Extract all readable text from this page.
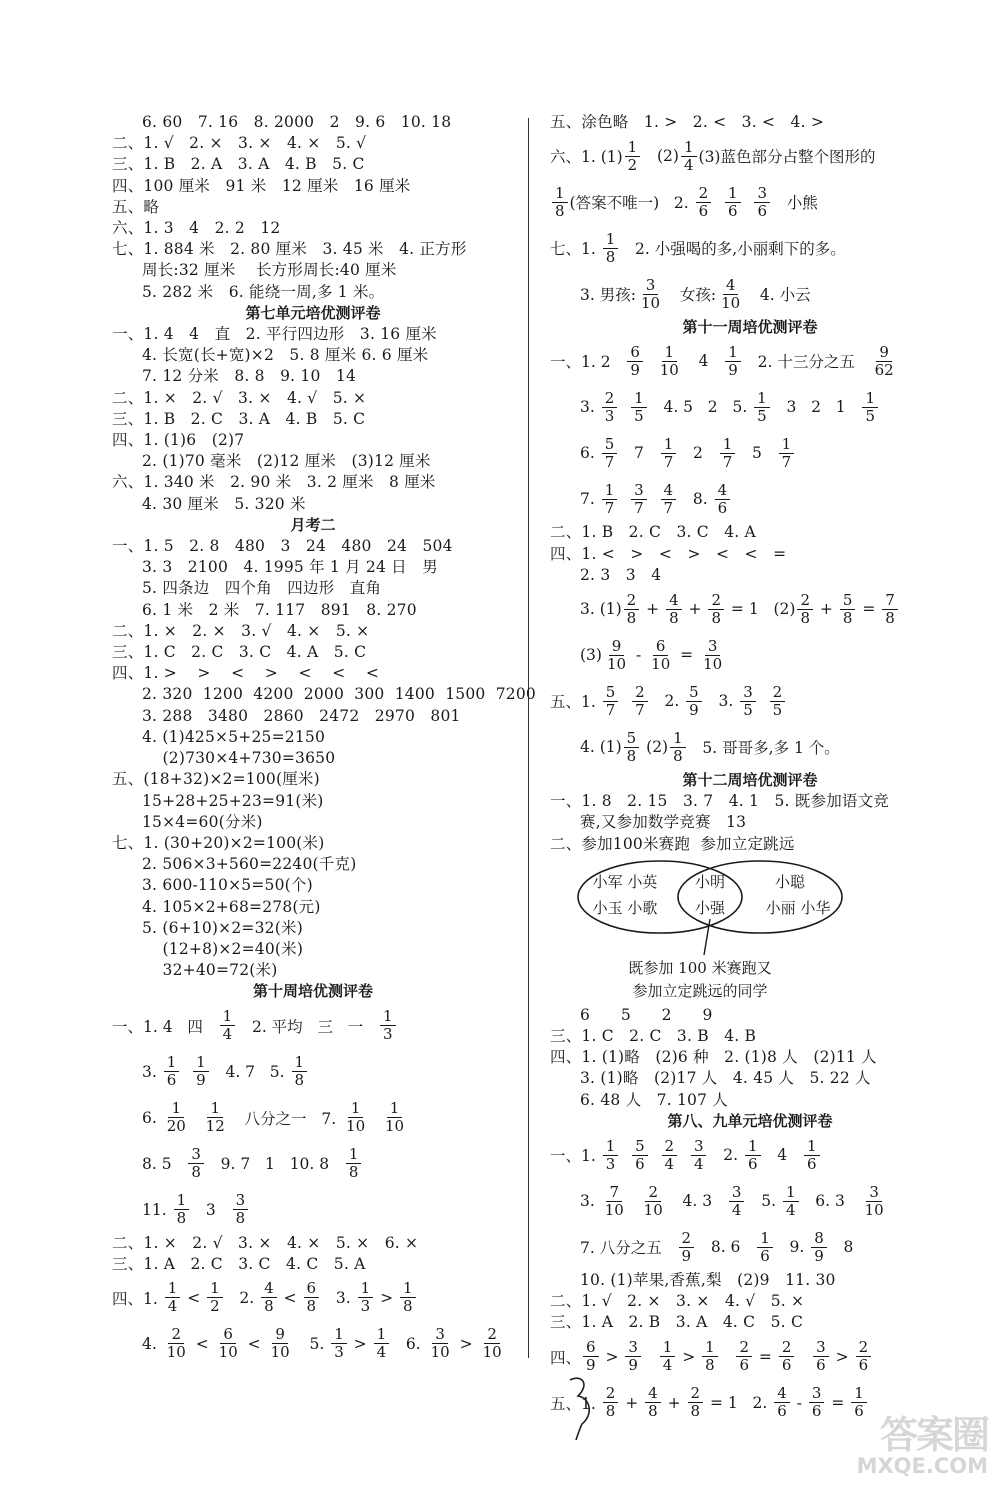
6. 60   7. 16   8. 2000   2   9. 6   10. 18
二、1. √   2. ×   3. ×   4. ×   5. √
三、1. B   2. A   3. A   4. B   5. C
四、100 厘米   91 米   12 厘米   16 厘米
五、略
六、1. 3   4   2. 2   12
七、1. 884 米   2. 80 厘米   3. 45 米   4. 正方形
周长:32 厘米    长方形周长:40 厘米
5. 282 米   6. 能绕一周,多 1 米。
第七单元培优测评卷
一、1. 4   4   直   2. 平行四边形   3. 16 厘米
4. 长宽(长+宽)×2   5. 8 厘米 6. 6 厘米
7. 12 分米   8. 8   9. 10   14
二、1. ×   2. √   3. ×   4. √   5. ×
三、1. B   2. C   3. A   4. B   5. C
四、1. (1)6   (2)7
2. (1)70 毫米   (2)12 厘米   (3)12 厘米
六、1. 340 米   2. 90 米   3. 2 厘米   8 厘米
4. 30 厘米   5. 320 米
月考二
一、1. 5   2. 8   480   3   24   480   24   504
3. 3   2100   4. 1995 年 1 月 24 日   男
5. 四条边   四个角   四边形   直角
6. 1 米   2 米   7. 117   891   8. 270
二、1. ×   2. ×   3. √   4. ×   5. ×
三、1. C   2. C   3. C   4. A   5. C
四、1. >    >    <    >    <    <    <
2. 320  1200  4200  2000  300  1400  1500  7200
3. 288   3480   2860   2472   2970   801
4. (1)425×5+25=2150
(2)730×4+730=3650
五、(18+32)×2=100(厘米)
15+28+25+23=91(米)
15×4=60(分米)
七、1. (30+20)×2=100(米)
2. 506×3+560=2240(千克)
3. 600-110×5=50(个)
4. 105×2+68=278(元)
5. (6+10)×2=32(米)
(12+8)×2=40(米)
32+40=72(米)
第十周培优测评卷
一、1. 4   四 $\frac{1}{4} 2$. 平均   三   一 $\frac{1}{3}$
3. $\frac{1}{6}$
$\frac{1}{9} 4$. 7   5. $\frac{1}{8}$
6. $\frac{1}{20}$
$\frac{1}{12}$ 八分之一   7. $\frac{1}{10}$
$\frac{1}{10}$
8. $5 \frac{3}{8} 9$. 7   1   10. $8 \frac{1}{8}$
11. $\frac{1}{8} 3 \frac{3}{8}$
二、1. ×   2. √   3. ×   4. ×   5. ×   6. ×
三、1. A   2. C   3. C   4. C   5. A
四、1. $\frac{1}{4} < \frac{1}{2} 2$. $\frac{4}{8} < \frac{6}{8} 3$. $\frac{1}{3} > \frac{1}{8}$
4. $\frac{2}{10} < \frac{6}{10} < \frac{9}{10} 5$. $\frac{1}{3} > \frac{1}{4} 6$. $\frac{3}{10} > \frac{2}{10}$
五、涂色略   1. >   2. <   3. <   4. >
六、1. $(1) \frac{1}{2} (2) \frac{1}{4} (3)$蓝色部分占整个图形的
$\frac{1}{8}$ (答案不唯一)   2. $\frac{2}{6}$
$\frac{1}{6}$
$\frac{3}{6}$ 小熊
七、1. $\frac{1}{8} 2$. 小强喝的多,小丽剩下的多。
3. 男孩: $\frac{3}{10}$ 女孩: $\frac{4}{10} 4$. 小云
第十一周培优测评卷
一、1. $2 \frac{6}{9}$
$\frac{1}{10} 4 \frac{1}{9} 2$. 十三分之五 $\frac{9}{62}$
3. $\frac{2}{3}$
$\frac{1}{5} 4$. 5   2   5. $\frac{1}{5} 3$   2   $1 \frac{1}{5}$
6. $\frac{5}{7} 7 \frac{1}{7} 2 \frac{1}{7} 5 \frac{1}{7}$
7. $\frac{1}{7}$
$\frac{3}{7}$
$\frac{4}{7} 8$. $\frac{4}{6}$
二、1. B   2. C   3. C   4. A
四、1. <   >   <   >   <   <   =
2. 3   3   4
3. $(1) \frac{2}{8} + \frac{4}{8} + \frac{2}{8} = 1$   $(2) \frac{2}{8} + \frac{5}{8} = \frac{7}{8}$
$(3) \frac{9}{10} - \frac{6}{10} = \frac{3}{10}$
五、1. $\frac{5}{7}$
$\frac{2}{7} 2$. $\frac{5}{9} 3$. $\frac{3}{5}$
$\frac{2}{5}$
4. $(1) \frac{5}{8} (2) \frac{1}{8} 5$. 哥哥多,多 1 个。
第十二周培优测评卷
一、1. 8   2. 15   3. 7   4. 1   5. 既参加语文竞
赛,又参加数学竞赛   13
二、参加100米赛跑  参加立定跳远
小军 小英
小玉 小歌
小明
小强
小聪
小丽 小华
既参加 100 米赛跑又
参加立定跳远的同学
6      5      2      9
三、1. C   2. C   3. B   4. B
四、1. (1)略   (2)6 种   2. (1)8 人   (2)11 人
3. (1)略   (2)17 人   4. 45 人   5. 22 人
6. 48 人   7. 107 人
第八、九单元培优测评卷
一、1. $\frac{1}{3}$
$\frac{5}{6}$
$\frac{2}{4}$
$\frac{3}{4} 2$. $\frac{1}{6} 4 \frac{1}{6}$
3. $\frac{7}{10}$
$\frac{2}{10} 4$. $3 \frac{3}{4} 5$. $\frac{1}{4} 6$. $3 \frac{3}{10}$
7. 八分之五 $\frac{2}{9} 8$. $6 \frac{1}{6} 9$. $\frac{8}{9} 8$
10. (1)苹果,香蕉,梨   (2)9   11. 30
二、1. √   2. ×   3. ×   4. √   5. ×
三、1. A   2. B   3. A   4. C   5. C
四、 $\frac{6}{9} > \frac{3}{9}$
$\frac{1}{4} > \frac{1}{8}$
$\frac{2}{6} = \frac{2}{6}$
$\frac{3}{6} > \frac{2}{6}$
五、1. $\frac{2}{8} + \frac{4}{8} + \frac{2}{8} = 1$   2. $\frac{4}{6} - \frac{3}{6} = \frac{1}{6}$
答案圈
MXQE.COM
